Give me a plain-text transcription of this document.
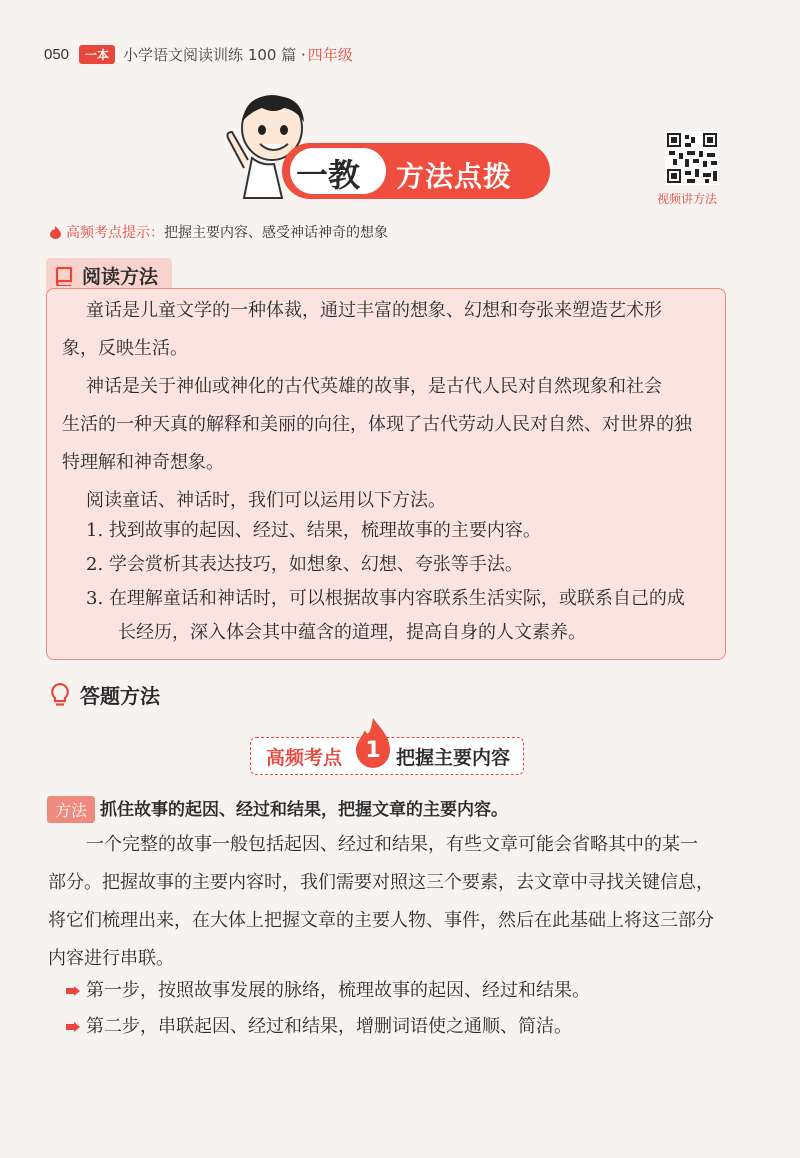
050	一本 小学语文阅读训练 100 篇 · 四年级
一教 方法点拨
视频讲方法
高频考点提示： 把握主要内容、感受神话神奇的想象
阅读方法
童话是儿童文学的一种体裁，通过丰富的想象、幻想和夸张来塑造艺术形
象，反映生活。
神话是关于神仙或神化的古代英雄的故事，是古代人民对自然现象和社会
生活的一种天真的解释和美丽的向往，体现了古代劳动人民对自然、对世界的独
特理解和神奇想象。
阅读童话、神话时，我们可以运用以下方法。
1. 找到故事的起因、经过、结果，梳理故事的主要内容。
2. 学会赏析其表达技巧，如想象、幻想、夸张等手法。
3. 在理解童话和神话时，可以根据故事内容联系生活实际，或联系自己的成
长经历，深入体会其中蕴含的道理，提高自身的人文素养。
答题方法
高频考点 1 把握主要内容
方法 抓住故事的起因、经过和结果，把握文章的主要内容。
一个完整的故事一般包括起因、经过和结果，有些文章可能会省略其中的某一
部分。把握故事的主要内容时，我们需要对照这三个要素，去文章中寻找关键信息，
将它们梳理出来，在大体上把握文章的主要人物、事件，然后在此基础上将这三部分
内容进行串联。
第一步，按照故事发展的脉络，梳理故事的起因、经过和结果。
第二步，串联起因、经过和结果，增删词语使之通顺、简洁。
